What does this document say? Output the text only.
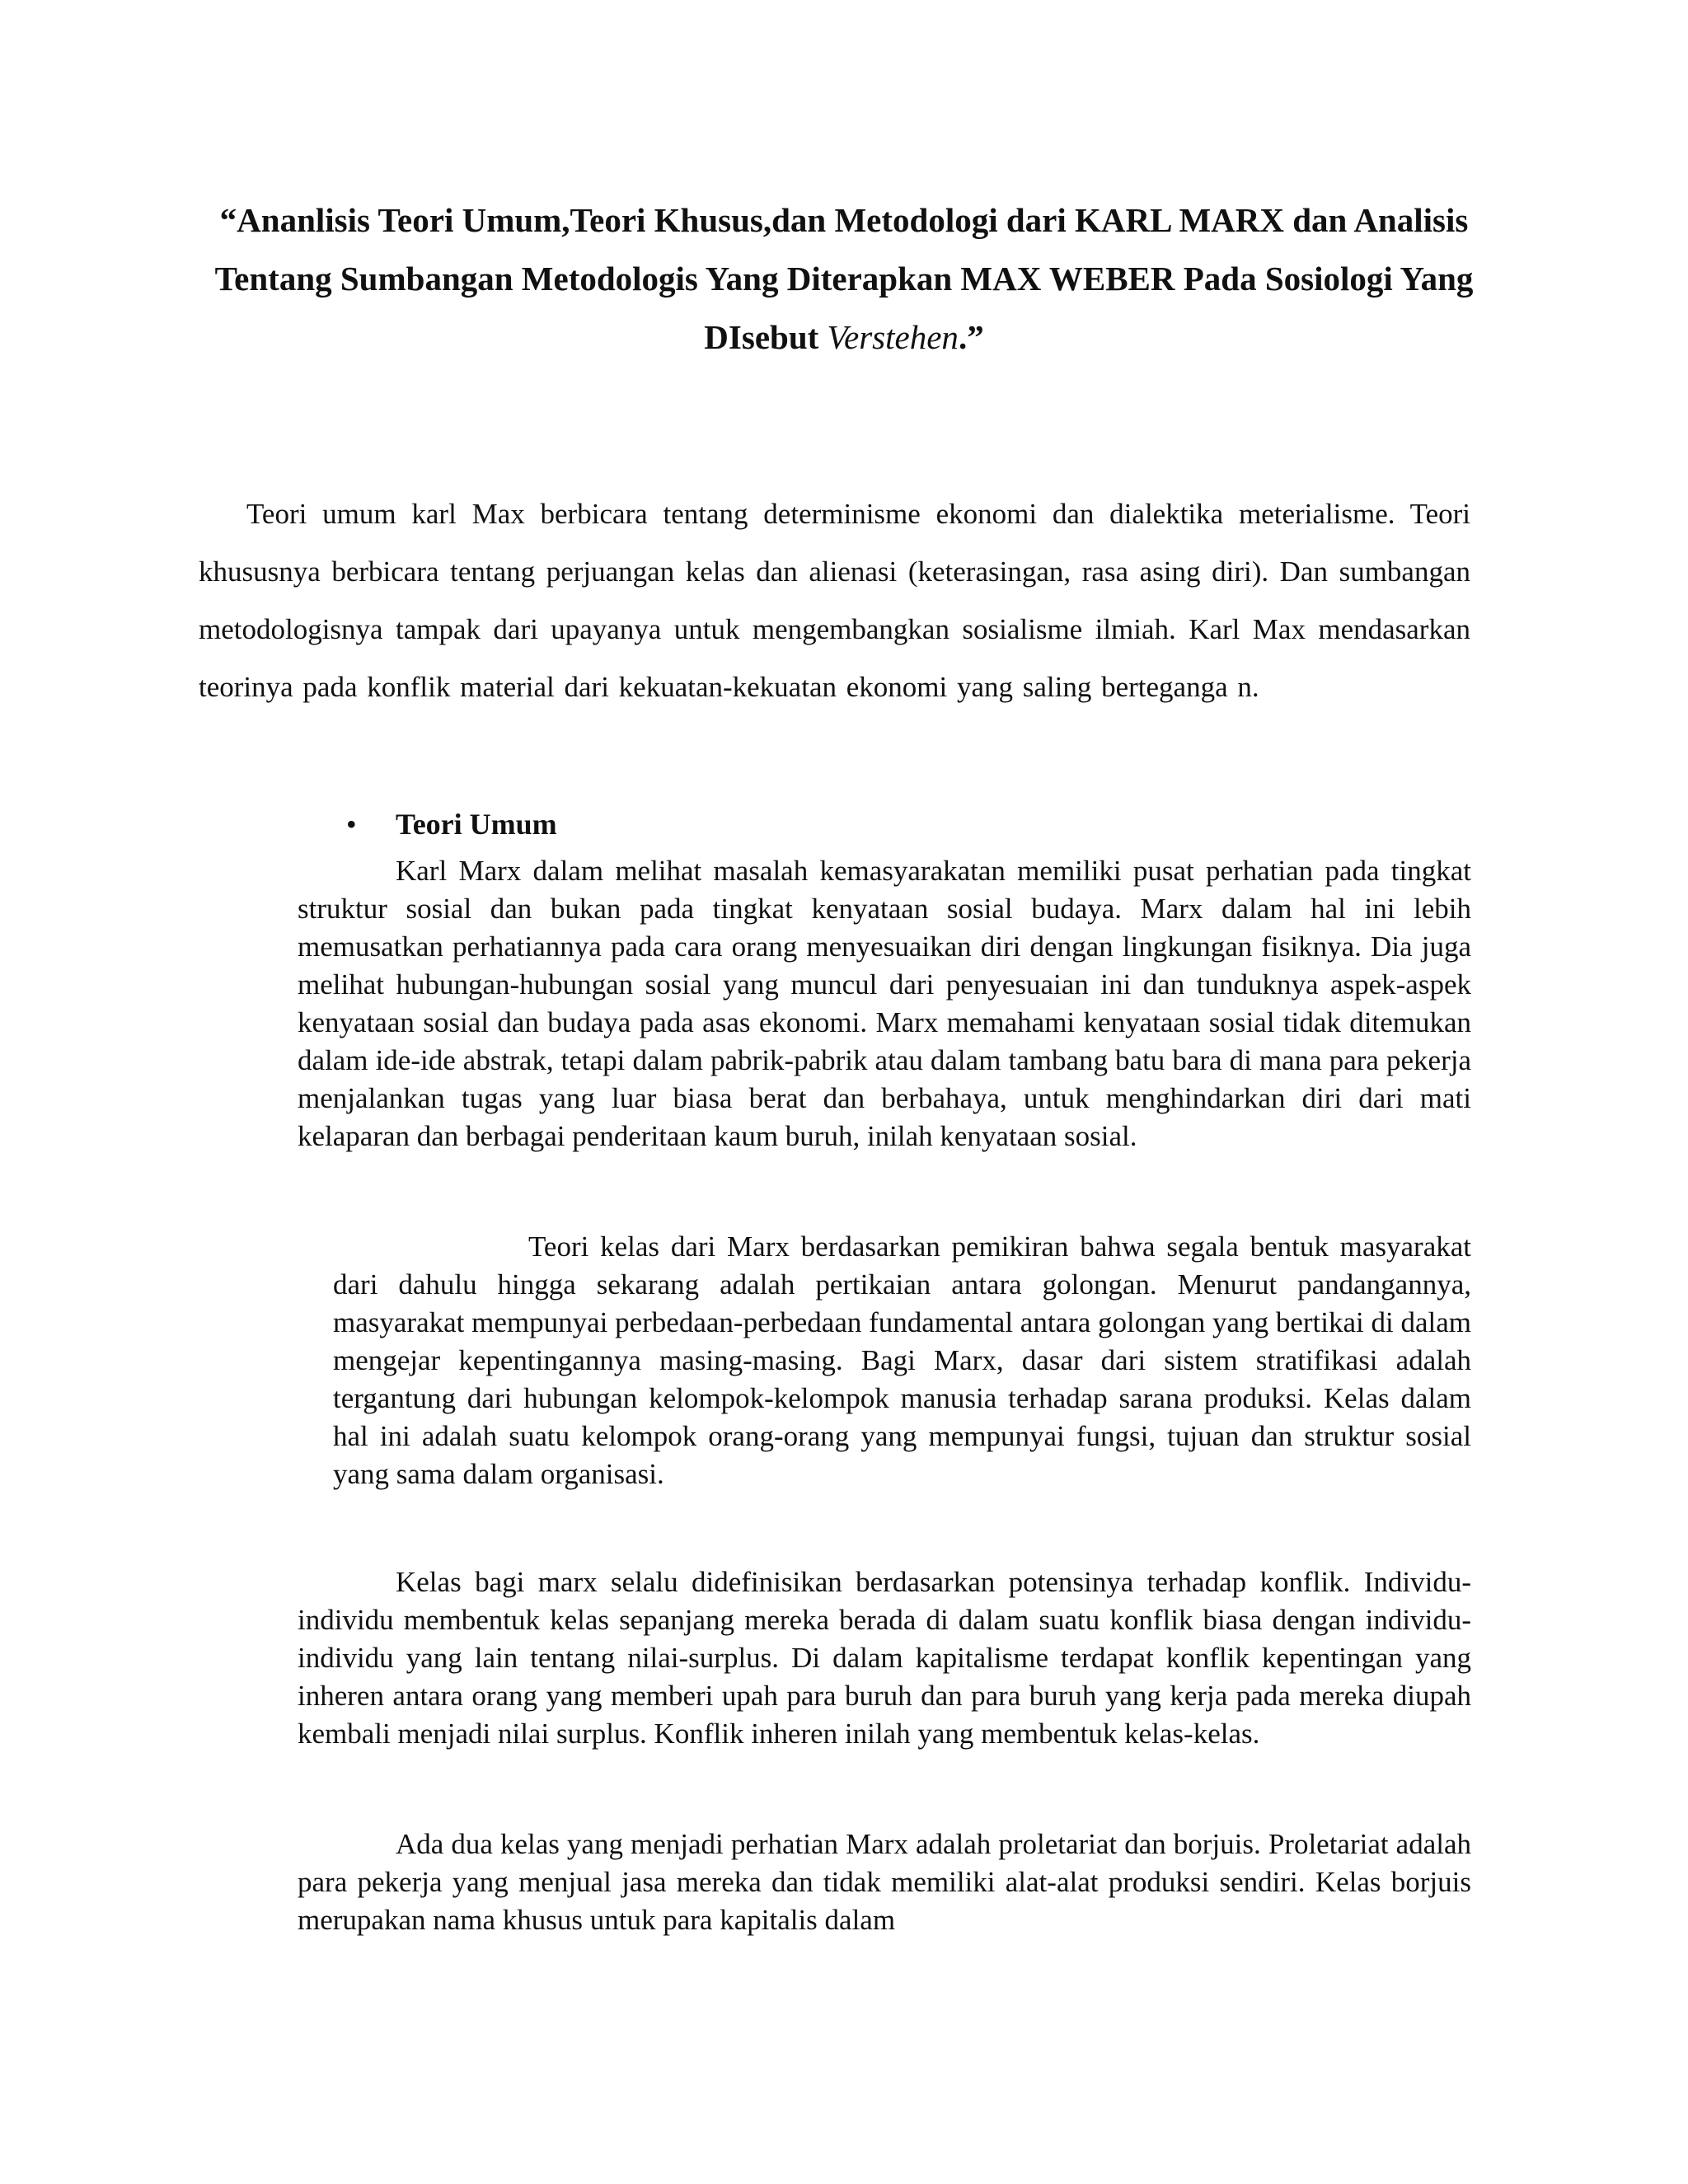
“Ananlisis Teori Umum,Teori Khusus,dan Metodologi dari KARL MARX dan Analisis Tentang Sumbangan Metodologis Yang Diterapkan MAX WEBER Pada Sosiologi Yang DIsebut Verstehen.”

Teori umum karl Max berbicara tentang determinisme ekonomi dan dialektika meterialisme. Teori khususnya berbicara tentang perjuangan kelas dan alienasi (keterasingan, rasa asing diri). Dan sumbangan metodologisnya tampak dari upayanya untuk mengembangkan sosialisme ilmiah. Karl Max mendasarkan teorinya pada konflik material dari kekuatan-kekuatan ekonomi yang saling berteganga n.

• Teori Umum

Karl Marx dalam melihat masalah kemasyarakatan memiliki pusat perhatian pada tingkat struktur sosial dan bukan pada tingkat kenyataan sosial budaya. Marx dalam hal ini lebih memusatkan perhatiannya pada cara orang menyesuaikan diri dengan lingkungan fisiknya. Dia juga melihat hubungan-hubungan sosial yang muncul dari penyesuaian ini dan tunduknya aspek-aspek kenyataan sosial dan budaya pada asas ekonomi. Marx memahami kenyataan sosial tidak ditemukan dalam ide-ide abstrak, tetapi dalam pabrik-pabrik atau dalam tambang batu bara di mana para pekerja menjalankan tugas yang luar biasa berat dan berbahaya, untuk menghindarkan diri dari mati kelaparan dan berbagai penderitaan kaum buruh, inilah kenyataan sosial.

Teori kelas dari Marx berdasarkan pemikiran bahwa segala bentuk masyarakat dari dahulu hingga sekarang adalah pertikaian antara golongan. Menurut pandangannya, masyarakat mempunyai perbedaan-perbedaan fundamental antara golongan yang bertikai di dalam mengejar kepentingannya masing-masing. Bagi Marx, dasar dari sistem stratifikasi adalah tergantung dari hubungan kelompok-kelompok manusia terhadap sarana produksi. Kelas dalam hal ini adalah suatu kelompok orang-orang yang mempunyai fungsi, tujuan dan struktur sosial yang sama dalam organisasi.

Kelas bagi marx selalu didefinisikan berdasarkan potensinya terhadap konflik. Individu-individu membentuk kelas sepanjang mereka berada di dalam suatu konflik biasa dengan individu-individu yang lain tentang nilai-surplus. Di dalam kapitalisme terdapat konflik kepentingan yang inheren antara orang yang memberi upah para buruh dan para buruh yang kerja pada mereka diupah kembali menjadi nilai surplus. Konflik inheren inilah yang membentuk kelas-kelas.

Ada dua kelas yang menjadi perhatian Marx adalah proletariat dan borjuis. Proletariat adalah para pekerja yang menjual jasa mereka dan tidak memiliki alat-alat produksi sendiri. Kelas borjuis merupakan nama khusus untuk para kapitalis dalam
